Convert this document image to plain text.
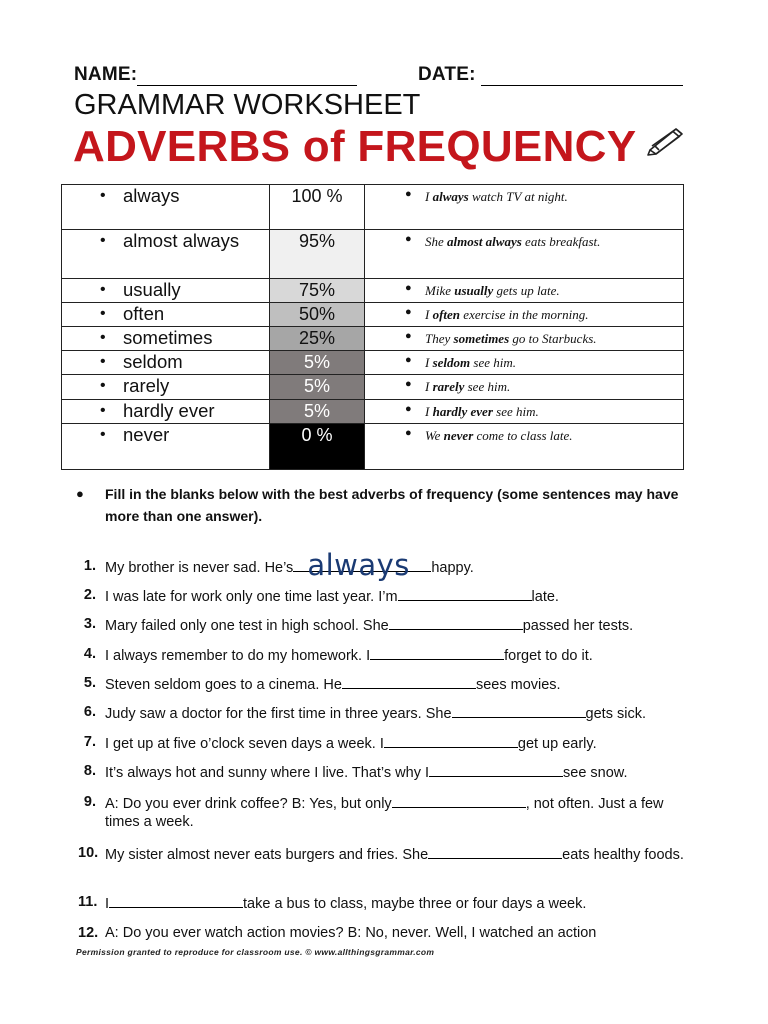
NAME:	DATE:
GRAMMAR WORKSHEET
ADVERBS of FREQUENCY
• always	100 %	● I always watch TV at night.

• almost always	95%	● She almost always eats breakfast.

• usually	75%	● Mike usually gets up late.

• often	50%	● I often exercise in the morning.

• sometimes	25%	● They sometimes go to Starbucks.

• seldom	5%	● I seldom see him.

• rarely	5%	● I rarely see him.

• hardly ever	5%	● I hardly ever see him.

• never	0 %	● We never come to class late.
●	Fill in the blanks below with the best adverbs of frequency (some sentences may have more than one answer).
1. My brother is never sad. He’s always happy.
2. I was late for work only one time last year. I’m	late.
3. Mary failed only one test in high school. She	passed her tests.
4. I always remember to do my homework. I	forget to do it.
5. Steven seldom goes to a cinema. He	sees movies.
6. Judy saw a doctor for the first time in three years. She	gets sick.
7. I get up at five o’clock seven days a week. I	get up early.
8. It’s always hot and sunny where I live. That’s why I	see snow.
9. A: Do you ever drink coffee? B: Yes, but only	, not often. Just a few times a week.
10. My sister almost never eats burgers and fries. She	eats healthy foods.
11. I	take a bus to class, maybe three or four days a week.
12. A: Do you ever watch action movies? B: No, never. Well, I watched an action
Permission granted to reproduce for classroom use. © www.allthingsgrammar.com
